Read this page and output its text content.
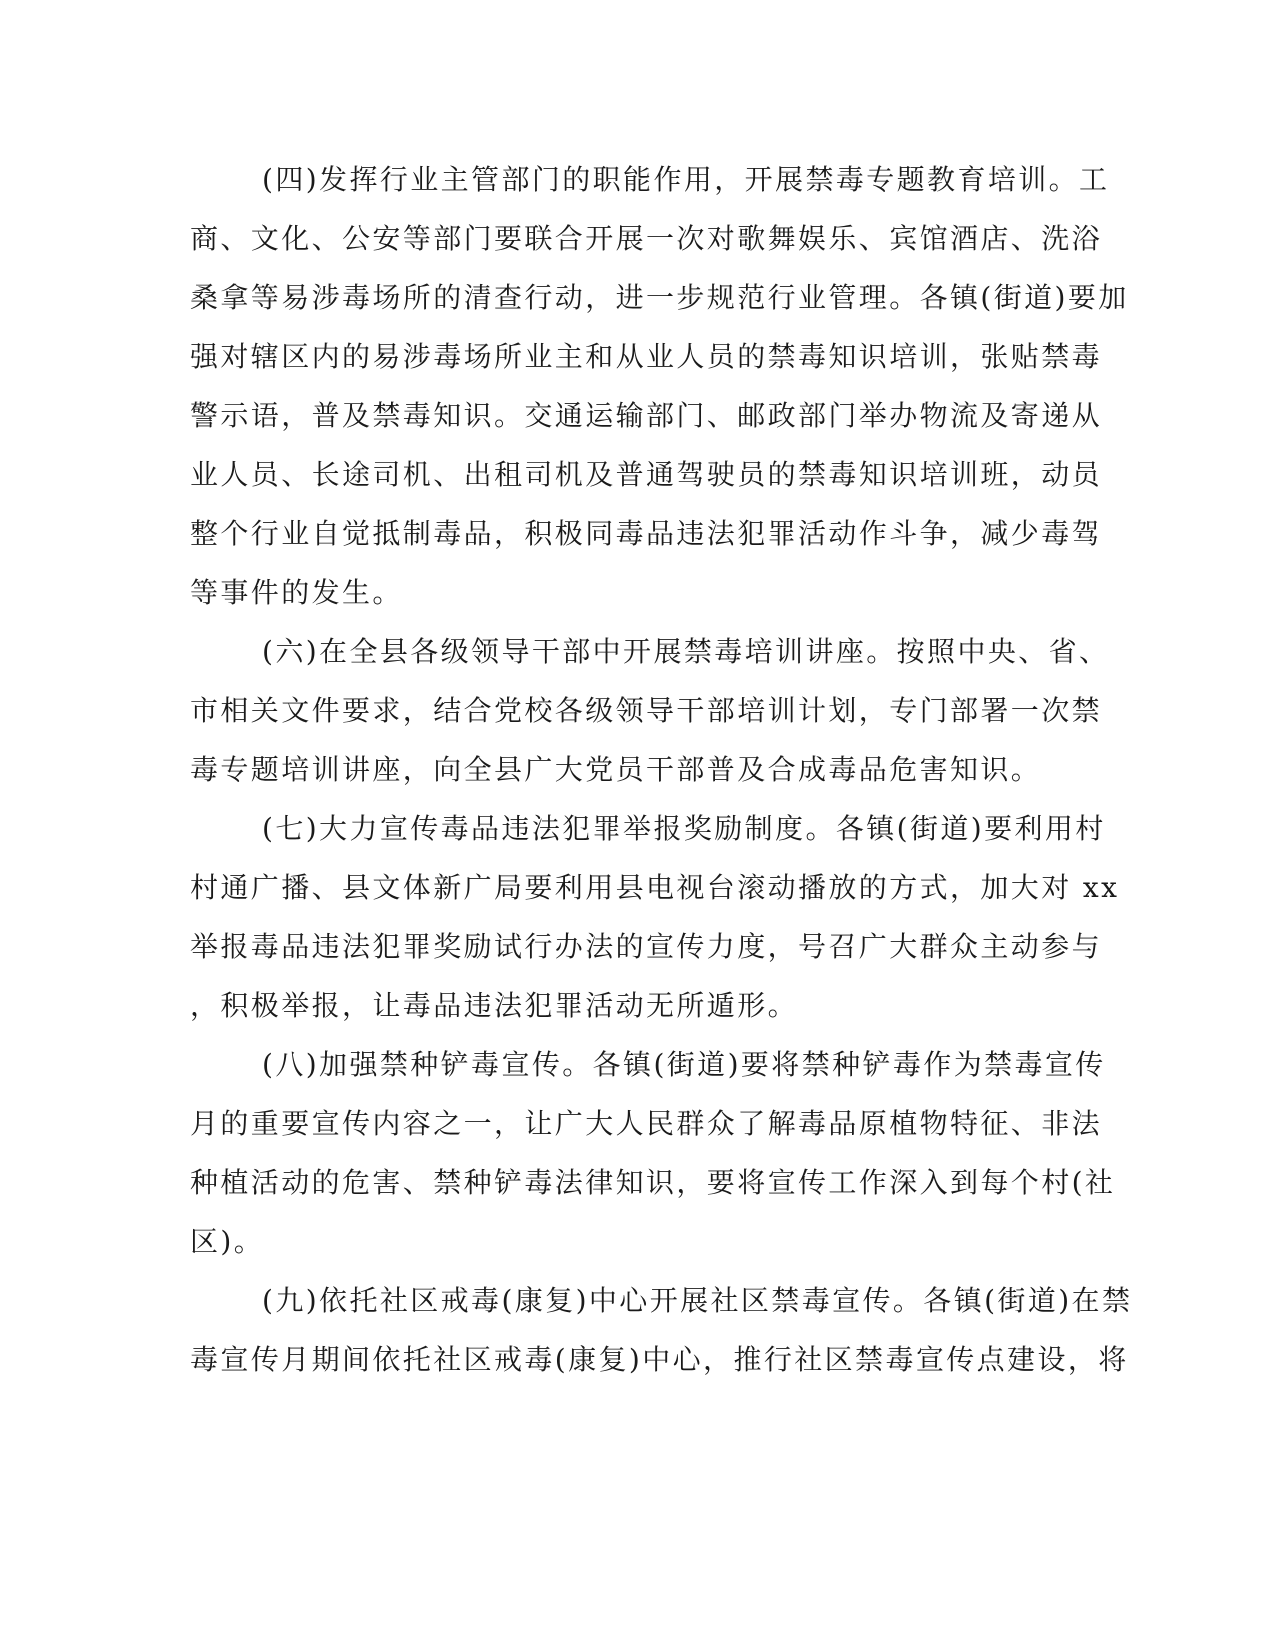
(四)发挥行业主管部门的职能作用，开展禁毒专题教育培训。工
商、文化、公安等部门要联合开展一次对歌舞娱乐、宾馆酒店、洗浴
桑拿等易涉毒场所的清查行动，进一步规范行业管理。各镇(街道)要加
强对辖区内的易涉毒场所业主和从业人员的禁毒知识培训，张贴禁毒
警示语，普及禁毒知识。交通运输部门、邮政部门举办物流及寄递从
业人员、长途司机、出租司机及普通驾驶员的禁毒知识培训班，动员
整个行业自觉抵制毒品，积极同毒品违法犯罪活动作斗争，减少毒驾
等事件的发生。
(六)在全县各级领导干部中开展禁毒培训讲座。按照中央、省、
市相关文件要求，结合党校各级领导干部培训计划，专门部署一次禁
毒专题培训讲座，向全县广大党员干部普及合成毒品危害知识。
(七)大力宣传毒品违法犯罪举报奖励制度。各镇(街道)要利用村
村通广播、县文体新广局要利用县电视台滚动播放的方式，加大对 xx
举报毒品违法犯罪奖励试行办法的宣传力度，号召广大群众主动参与
，积极举报，让毒品违法犯罪活动无所遁形。
(八)加强禁种铲毒宣传。各镇(街道)要将禁种铲毒作为禁毒宣传
月的重要宣传内容之一，让广大人民群众了解毒品原植物特征、非法
种植活动的危害、禁种铲毒法律知识，要将宣传工作深入到每个村(社
区)。
(九)依托社区戒毒(康复)中心开展社区禁毒宣传。各镇(街道)在禁
毒宣传月期间依托社区戒毒(康复)中心，推行社区禁毒宣传点建设，将
